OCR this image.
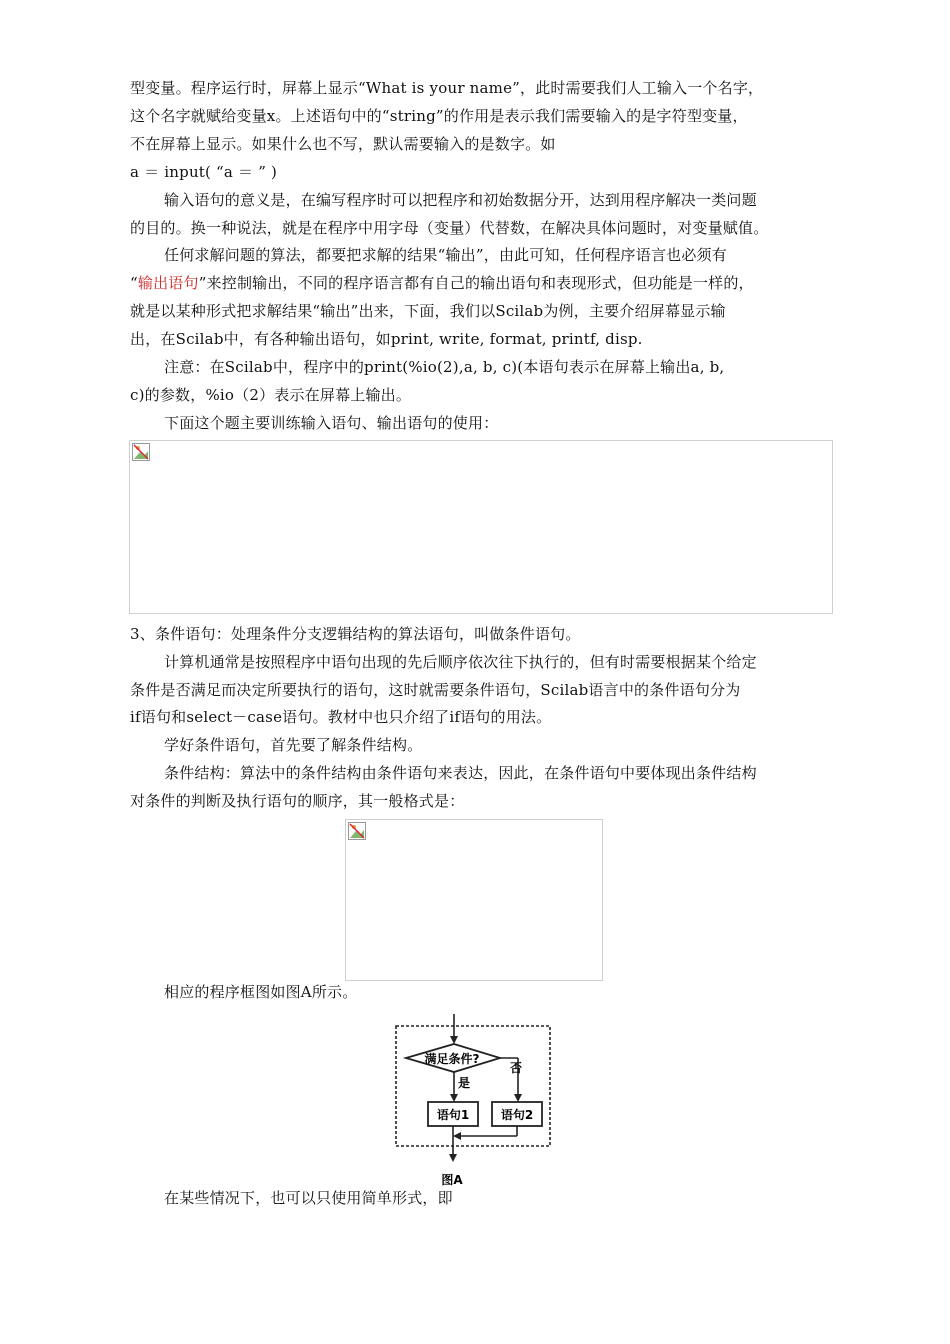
型变量。程序运行时，屏幕上显示“What is your name”，此时需要我们人工输入一个名字，
这个名字就赋给变量x。上述语句中的“string”的作用是表示我们需要输入的是字符型变量，
不在屏幕上显示。如果什么也不写，默认需要输入的是数字。如
a ＝ input( “a ＝ ” )
输入语句的意义是，在编写程序时可以把程序和初始数据分开，达到用程序解决一类问题
的目的。换一种说法，就是在程序中用字母（变量）代替数，在解决具体问题时，对变量赋值。
任何求解问题的算法，都要把求解的结果“输出”，由此可知，任何程序语言也必须有
“输出语句”来控制输出，不同的程序语言都有自己的输出语句和表现形式，但功能是一样的，
就是以某种形式把求解结果“输出”出来，下面，我们以Scilab为例，主要介绍屏幕显示输
出，在Scilab中，有各种输出语句，如print, write, format, printf, disp.
注意：在Scilab中，程序中的print(%io(2),a, b, c)(本语句表示在屏幕上输出a, b,
c)的参数，%io（2）表示在屏幕上输出。
下面这个题主要训练输入语句、输出语句的使用：
3、条件语句：处理条件分支逻辑结构的算法语句，叫做条件语句。
计算机通常是按照程序中语句出现的先后顺序依次往下执行的，但有时需要根据某个给定
条件是否满足而决定所要执行的语句，这时就需要条件语句，Scilab语言中的条件语句分为
if语句和select－case语句。教材中也只介绍了if语句的用法。
学好条件语句，首先要了解条件结构。
条件结构：算法中的条件结构由条件语句来表达，因此，在条件语句中要体现出条件结构
对条件的判断及执行语句的顺序，其一般格式是：
相应的程序框图如图A所示。
满足条件?
否
是
语句1	语句2
图A
在某些情况下，也可以只使用简单形式，即
